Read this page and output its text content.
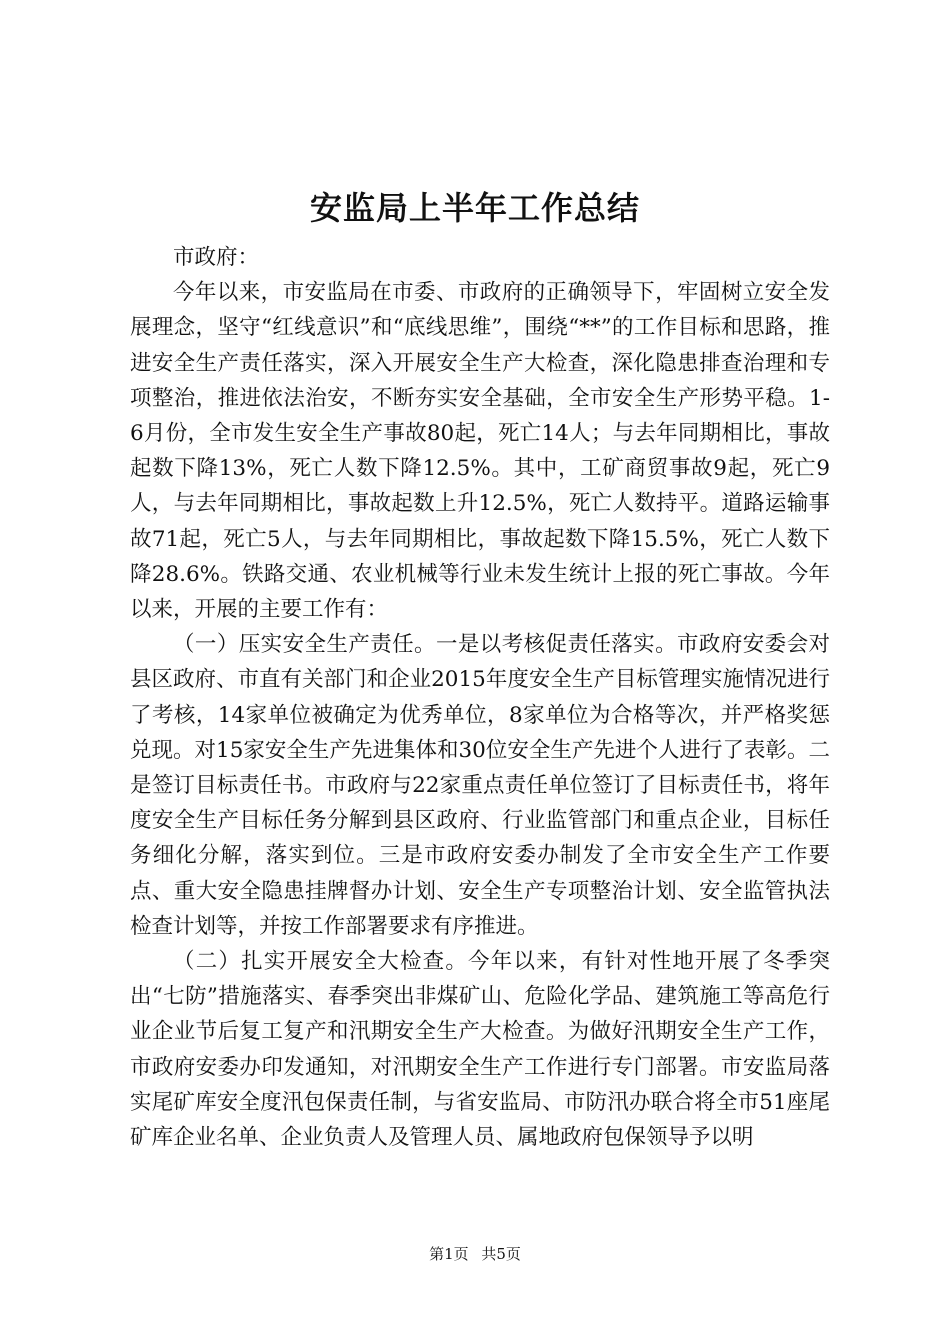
安监局上半年工作总结

市政府：

今年以来，市安监局在市委、市政府的正确领导下，牢固树立安全发展理念，坚守“红线意识”和“底线思维”，围绕“**”的工作目标和思路，推进安全生产责任落实，深入开展安全生产大检查，深化隐患排查治理和专项整治，推进依法治安，不断夯实安全基础，全市安全生产形势平稳。1-6月份，全市发生安全生产事故80起，死亡14人；与去年同期相比，事故起数下降13%，死亡人数下降12.5%。其中，工矿商贸事故9起，死亡9人，与去年同期相比，事故起数上升12.5%，死亡人数持平。道路运输事故71起，死亡5人，与去年同期相比，事故起数下降15.5%，死亡人数下降28.6%。铁路交通、农业机械等行业未发生统计上报的死亡事故。今年以来，开展的主要工作有：

（一）压实安全生产责任。一是以考核促责任落实。市政府安委会对县区政府、市直有关部门和企业2015年度安全生产目标管理实施情况进行了考核，14家单位被确定为优秀单位，8家单位为合格等次，并严格奖惩兑现。对15家安全生产先进集体和30位安全生产先进个人进行了表彰。二是签订目标责任书。市政府与22家重点责任单位签订了目标责任书，将年度安全生产目标任务分解到县区政府、行业监管部门和重点企业，目标任务细化分解，落实到位。三是市政府安委办制发了全市安全生产工作要点、重大安全隐患挂牌督办计划、安全生产专项整治计划、安全监管执法检查计划等，并按工作部署要求有序推进。

（二）扎实开展安全大检查。今年以来，有针对性地开展了冬季突出“七防”措施落实、春季突出非煤矿山、危险化学品、建筑施工等高危行业企业节后复工复产和汛期安全生产大检查。为做好汛期安全生产工作，市政府安委办印发通知，对汛期安全生产工作进行专门部署。市安监局落实尾矿库安全度汛包保责任制，与省安监局、市防汛办联合将全市51座尾矿库企业名单、企业负责人及管理人员、属地政府包保领导予以明

第1页 共5页
